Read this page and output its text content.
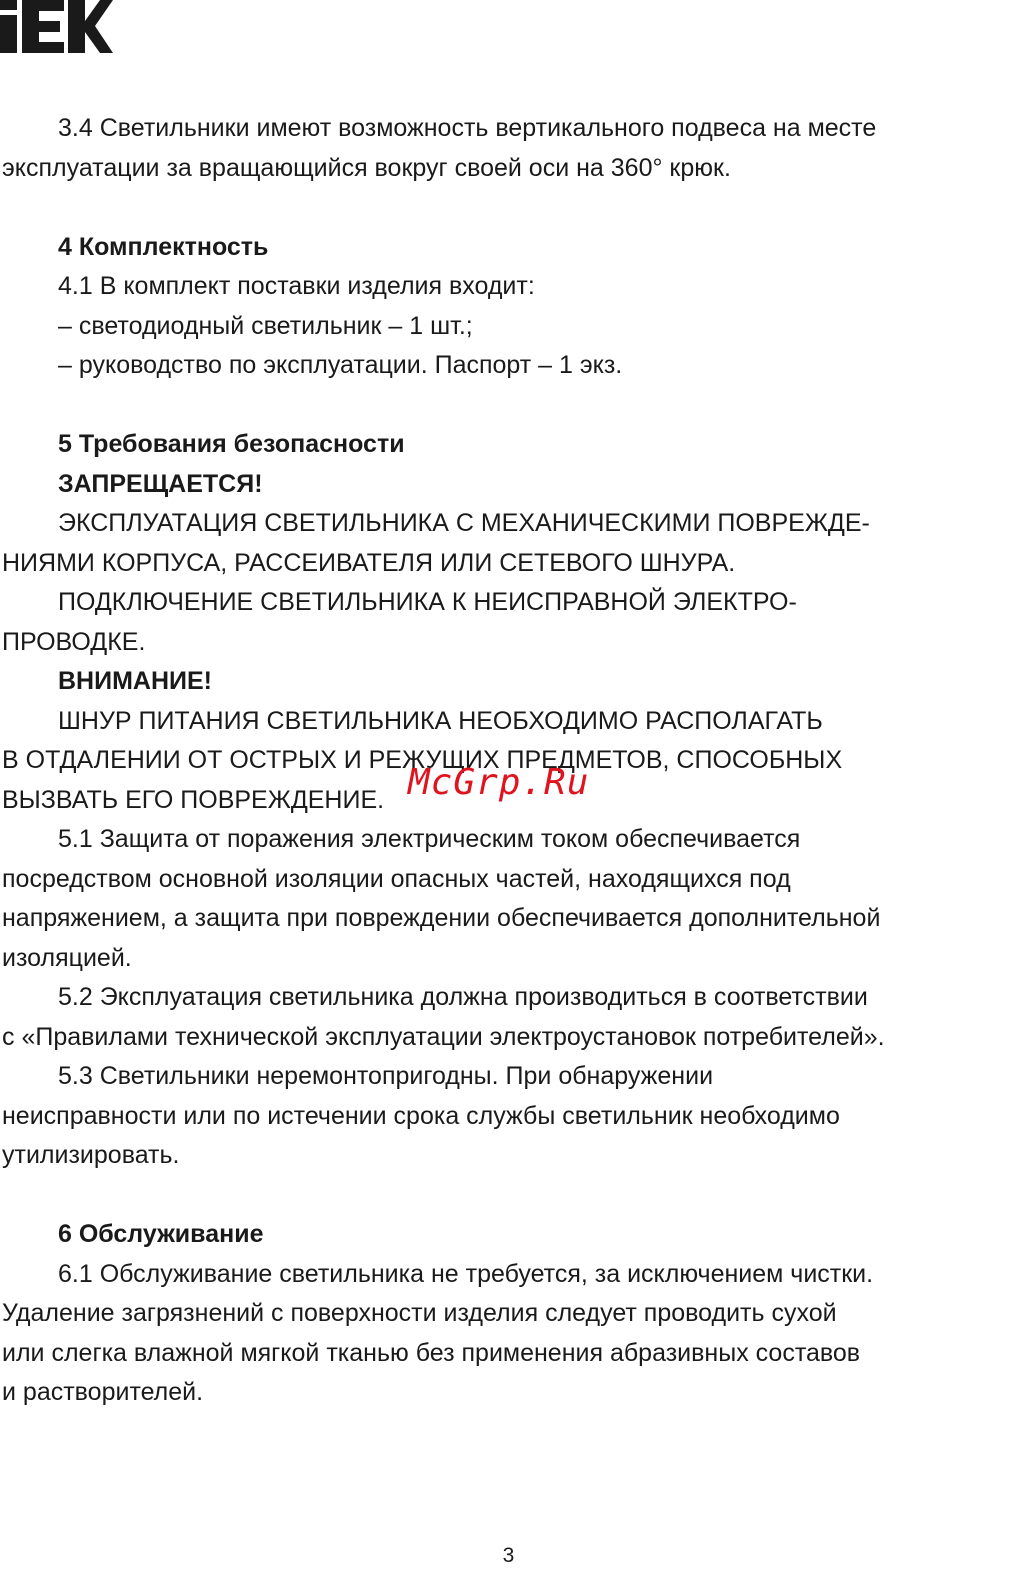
3.4 Светильники имеют возможность вертикального подвеса на месте

эксплуатации за вращающийся вокруг своей оси на 360° крюк.

4 Комплектность

4.1 В комплект поставки изделия входит:

– светодиодный светильник – 1 шт.;

– руководство по эксплуатации. Паспорт – 1 экз.

5 Требования безопасности

ЗАПРЕЩАЕТСЯ!

ЭКСПЛУАТАЦИЯ СВЕТИЛЬНИКА С МЕХАНИЧЕСКИМИ ПОВРЕЖДЕ-

НИЯМИ КОРПУСА, РАССЕИВАТЕЛЯ ИЛИ СЕТЕВОГО ШНУРА.

ПОДКЛЮЧЕНИЕ СВЕТИЛЬНИКА К НЕИСПРАВНОЙ ЭЛЕКТРО-

ПРОВОДКЕ.

ВНИМАНИЕ!

ШНУР ПИТАНИЯ СВЕТИЛЬНИКА НЕОБХОДИМО РАСПОЛАГАТЬ

В ОТДАЛЕНИИ ОТ ОСТРЫХ И РЕЖУЩИХ ПРЕДМЕТОВ, СПОСОБНЫХ

ВЫЗВАТЬ ЕГО ПОВРЕЖДЕНИЕ.

5.1 Защита от поражения электрическим током обеспечивается

посредством основной изоляции опасных частей, находящихся под

напряжением, а защита при повреждении обеспечивается дополнительной

изоляцией.

5.2 Эксплуатация светильника должна производиться в соответствии

с «Правилами технической эксплуатации электроустановок потребителей».

5.3 Светильники неремонтопригодны. При обнаружении

неисправности или по истечении срока службы светильник необходимо

утилизировать.

6 Обслуживание

6.1 Обслуживание светильника не требуется, за исключением чистки.

Удаление загрязнений с поверхности изделия следует проводить сухой

или слегка влажной мягкой тканью без применения абразивных составов

и растворителей.

McGrp.Ru
3
